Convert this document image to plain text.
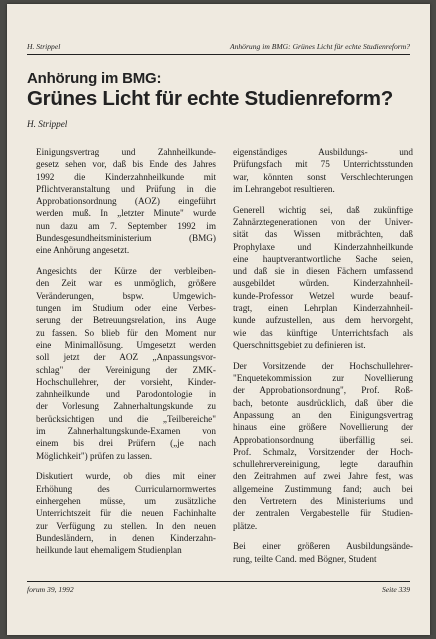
H. Strippel	Anhörung im BMG: Grünes Licht für echte Studienreform?
Anhörung im BMG:
Grünes Licht für echte Studienreform?
H. Strippel

Einigungsvertrag und Zahnheilkunde-
gesetz sehen vor, daß bis Ende des Jahres
1992 die Kinderzahnheilkunde mit
Pflichtveranstaltung und Prüfung in die
Approbationsordnung (AOZ) eingeführt
werden muß. In „letzter Minute" wurde
nun dazu am 7. September 1992 im
Bundesgesundheitsministerium (BMG)
eine Anhörung angesetzt.

Angesichts der Kürze der verbleiben-
den Zeit war es unmöglich, größere
Veränderungen, bspw. Umgewich-
tungen im Studium oder eine Verbes-
serung der Betreuungsrelation, ins Auge
zu fassen. So blieb für den Moment nur
eine Minimallösung. Umgesetzt werden
soll jetzt der AOZ „Anpassungsvor-
schlag" der Vereinigung der ZMK-
Hochschullehrer, der vorsieht, Kinder-
zahnheilkunde und Parodontologie in
der Vorlesung Zahnerhaltungskunde zu
berücksichtigen und die „Teilbereiche"
im Zahnerhaltungskunde-Examen von
einem bis drei Prüfern („je nach
Möglichkeit") prüfen zu lassen.

Diskutiert wurde, ob dies mit einer
Erhöhung des Curricularnormwertes
einhergehen müsse, um zusätzliche
Unterrichtszeit für die neuen Fachinhalte
zur Verfügung zu stellen. In den neuen
Bundesländern, in denen Kinderzahn-
heilkunde laut ehemaligem Studienplan

eigenständiges Ausbildungs- und
Prüfungsfach mit 75 Unterrichtsstunden
war, könnten sonst Verschlechterungen
im Lehrangebot resultieren.

Generell wichtig sei, daß zukünftige
Zahnärztegenerationen von der Univer-
sität das Wissen mitbrächten, daß
Prophylaxe und Kinderzahnheilkunde
eine hauptverantwortliche Sache seien,
und daß sie in diesen Fächern umfassend
ausgebildet würden. Kinderzahnheil-
kunde-Professor Wetzel wurde beauf-
tragt, einen Lehrplan Kinderzahnheil-
kunde aufzustellen, aus dem hervorgeht,
wie das künftige Unterrichtsfach als
Querschnittsgebiet zu definieren ist.

Der Vorsitzende der Hochschullehrer-
"Enquetekommission zur Novellierung
der Approbationsordnung", Prof. Roß-
bach, betonte ausdrücklich, daß über die
Anpassung an den Einigungsvertrag
hinaus eine größere Novellierung der
Approbationsordnung überfällig sei.
Prof. Schmalz, Vorsitzender der Hoch-
schullehrervereinigung, legte daraufhin
den Zeitrahmen auf zwei Jahre fest, was
allgemeine Zustimmung fand; auch bei
den Vertretern des Ministeriums und
der zentralen Vergabestelle für Studien-
plätze.

Bei einer größeren Ausbildungsände-
rung, teilte Cand. med Bögner, Student

forum 39, 1992	Seite 339
